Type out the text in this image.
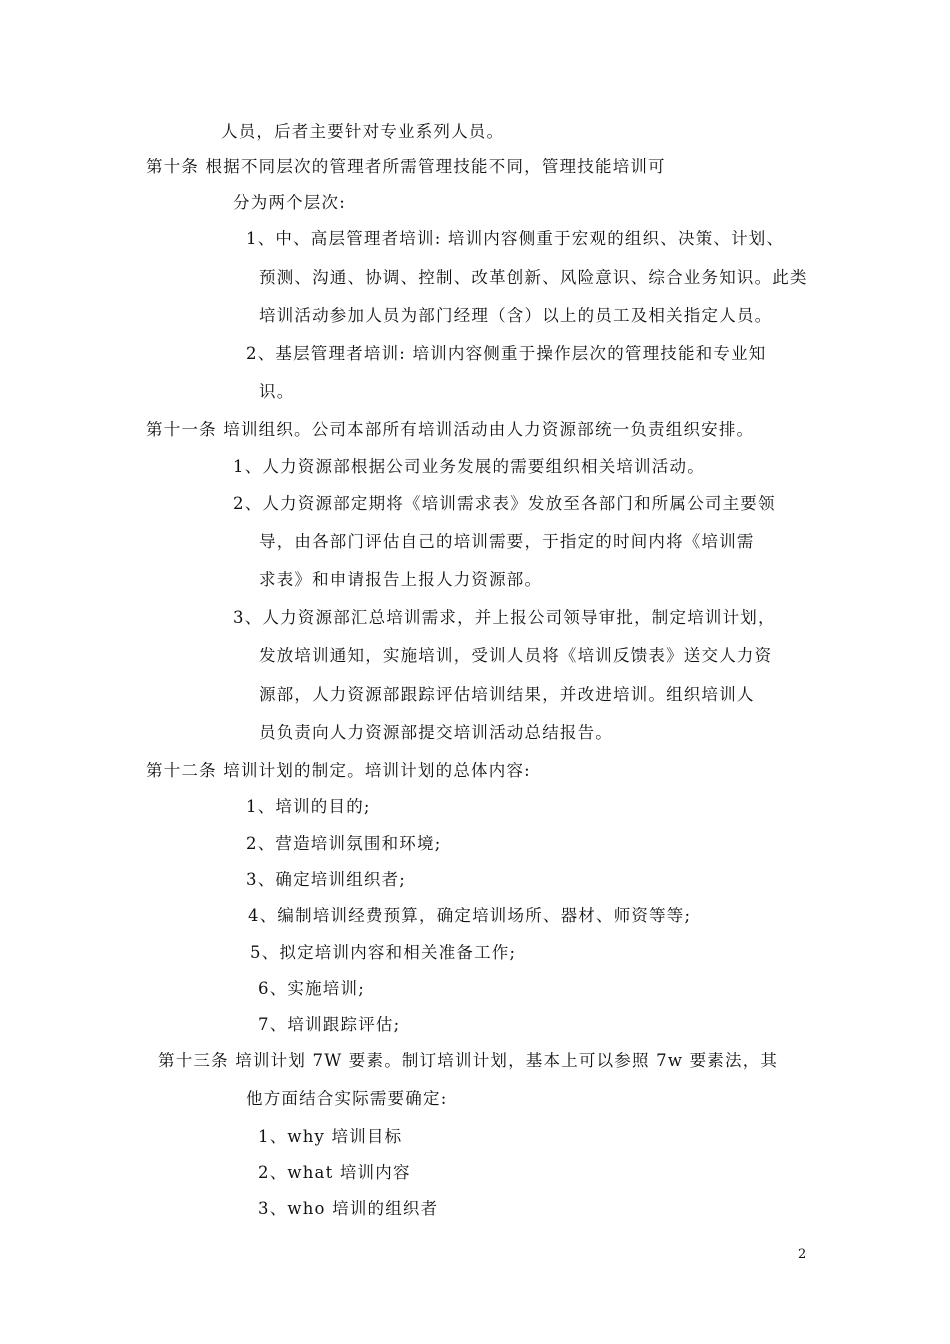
人员，后者主要针对专业系列人员。
第十条 根据不同层次的管理者所需管理技能不同，管理技能培训可
分为两个层次:
1、中、高层管理者培训: 培训内容侧重于宏观的组织、决策、计划、
预测、沟通、协调、控制、改革创新、风险意识、综合业务知识。此类
培训活动参加人员为部门经理（含）以上的员工及相关指定人员。
2、基层管理者培训: 培训内容侧重于操作层次的管理技能和专业知
识。
第十一条 培训组织。公司本部所有培训活动由人力资源部统一负责组织安排。
1、人力资源部根据公司业务发展的需要组织相关培训活动。
2、人力资源部定期将《培训需求表》发放至各部门和所属公司主要领
导，由各部门评估自己的培训需要，于指定的时间内将《培训需
求表》和申请报告上报人力资源部。
3、人力资源部汇总培训需求，并上报公司领导审批，制定培训计划，
发放培训通知，实施培训，受训人员将《培训反馈表》送交人力资
源部，人力资源部跟踪评估培训结果，并改进培训。组织培训人
员负责向人力资源部提交培训活动总结报告。
第十二条 培训计划的制定。培训计划的总体内容:
1、培训的目的;
2、营造培训氛围和环境;
3、确定培训组织者;
4、编制培训经费预算，确定培训场所、器材、师资等等;
5、拟定培训内容和相关准备工作;
6、实施培训;
7、培训跟踪评估;
第十三条 培训计划 7W 要素。制订培训计划，基本上可以参照 7w 要素法，其
他方面结合实际需要确定:
1、why 培训目标
2、what 培训内容
3、who 培训的组织者
2
